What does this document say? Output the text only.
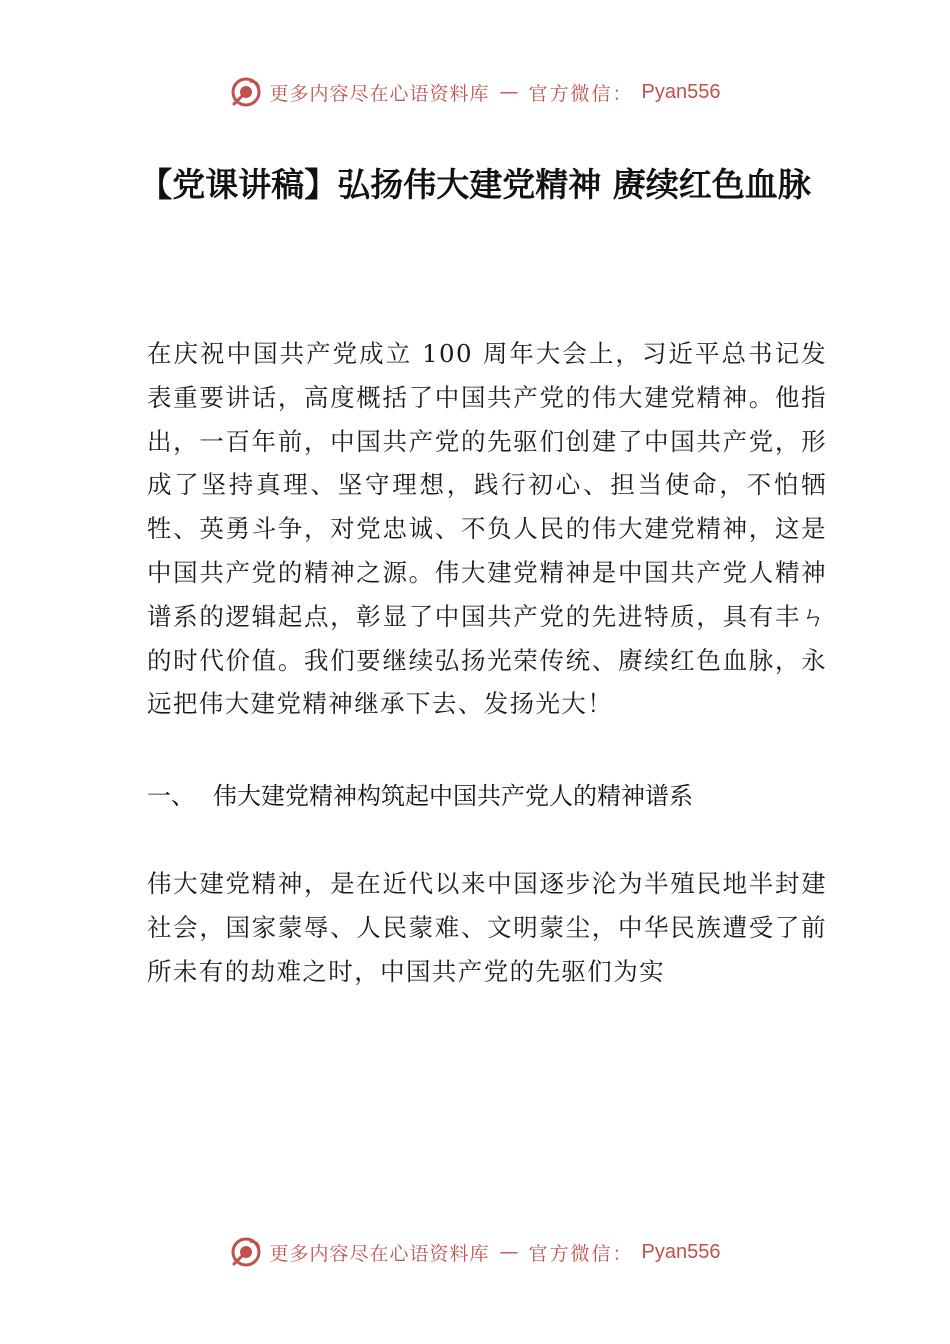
更多内容尽在心语资料库 — 官方微信： Pyan556
【党课讲稿】弘扬伟大建党精神 赓续红色血脉

在庆祝中国共产党成立 100 周年大会上，习近平总书记发表重要讲话，高度概括了中国共产党的伟大建党精神。他指出，一百年前，中国共产党的先驱们创建了中国共产党，形成了坚持真理、坚守理想，践行初心、担当使命，不怕牺牲、英勇斗争，对党忠诚、不负人民的伟大建党精神，这是中国共产党的精神之源。伟大建党精神是中国共产党人精神谱系的逻辑起点，彰显了中国共产党的先进特质，具有丰ㄣ的时代价值。我们要继续弘扬光荣传统、赓续红色血脉，永远把伟大建党精神继承下去、发扬光大！

一、 伟大建党精神构筑起中国共产党人的精神谱系

伟大建党精神，是在近代以来中国逐步沦为半殖民地半封建社会，国家蒙辱、人民蒙难、文明蒙尘，中华民族遭受了前所未有的劫难之时，中国共产党的先驱们为实

更多内容尽在心语资料库 — 官方微信： Pyan556
